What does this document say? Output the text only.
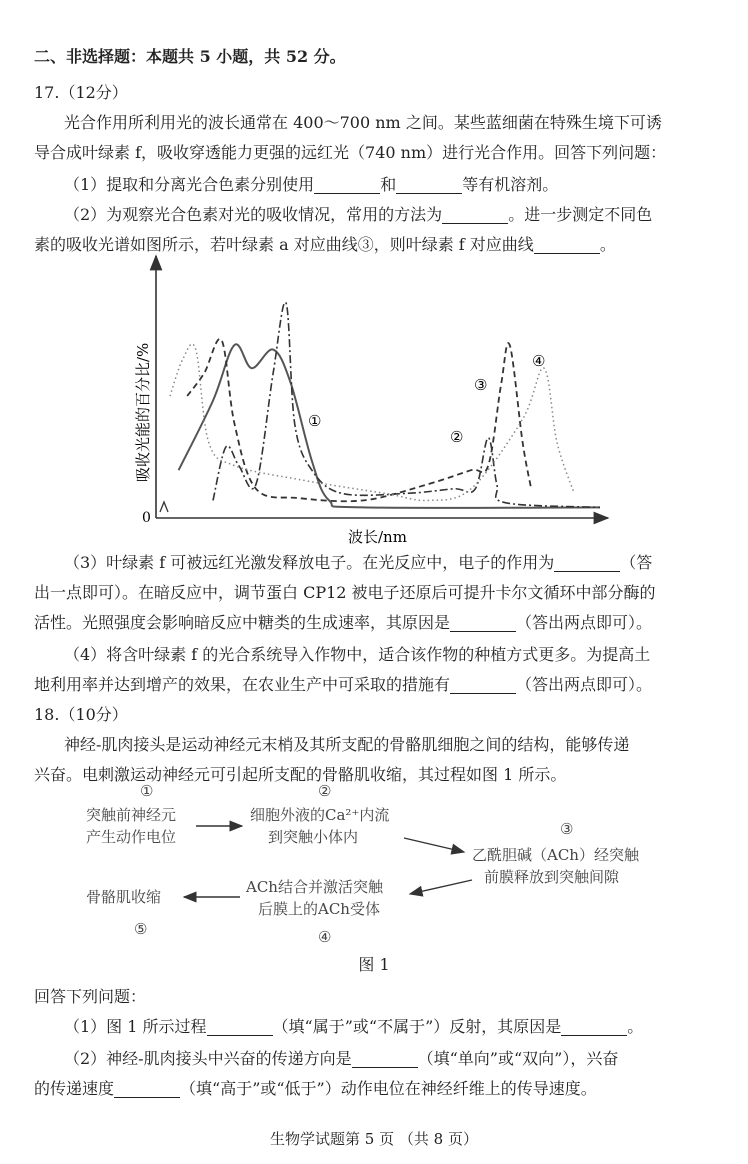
二、非选择题：本题共 5 小题，共 52 分。
17.（12分）
光合作用所利用光的波长通常在 400～700 nm 之间。某些蓝细菌在特殊生境下可诱
导合成叶绿素 f，吸收穿透能力更强的远红光（740 nm）进行光合作用。回答下列问题：
（1）提取和分离光合色素分别使用	和	等有机溶剂。
（2）为观察光合色素对光的吸收情况，常用的方法为	。进一步测定不同色
素的吸收光谱如图所示，若叶绿素 a 对应曲线③，则叶绿素 f 对应曲线	。
0
吸收光能的百分比/%
波长/nm
①
②
③
④
（3）叶绿素 f 可被远红光激发释放电子。在光反应中，电子的作用为	（答
出一点即可）。在暗反应中，调节蛋白 CP12 被电子还原后可提升卡尔文循环中部分酶的
活性。光照强度会影响暗反应中糖类的生成速率，其原因是	（答出两点即可）。
（4）将含叶绿素 f 的光合系统导入作物中，适合该作物的种植方式更多。为提高土
地利用率并达到增产的效果，在农业生产中可采取的措施有	（答出两点即可）。
18.（10分）
神经-肌肉接头是运动神经元末梢及其所支配的骨骼肌细胞之间的结构，能够传递
兴奋。电刺激运动神经元可引起所支配的骨骼肌收缩，其过程如图 1 所示。
①
突触前神经元
产生动作电位
②
细胞外液的Ca²⁺内流
到突触小体内	③
乙酰胆碱（ACh）经突触
前膜释放到突触间隙
ACh结合并激活突触
后膜上的ACh受体
④
骨骼肌收缩
⑤
图 1
回答下列问题：
（1）图 1 所示过程	（填“属于”或“不属于”）反射，其原因是	。
（2）神经-肌肉接头中兴奋的传递方向是	（填“单向”或“双向”），兴奋
的传递速度	（填“高于”或“低于”）动作电位在神经纤维上的传导速度。
生物学试题第 5 页 （共 8 页）
